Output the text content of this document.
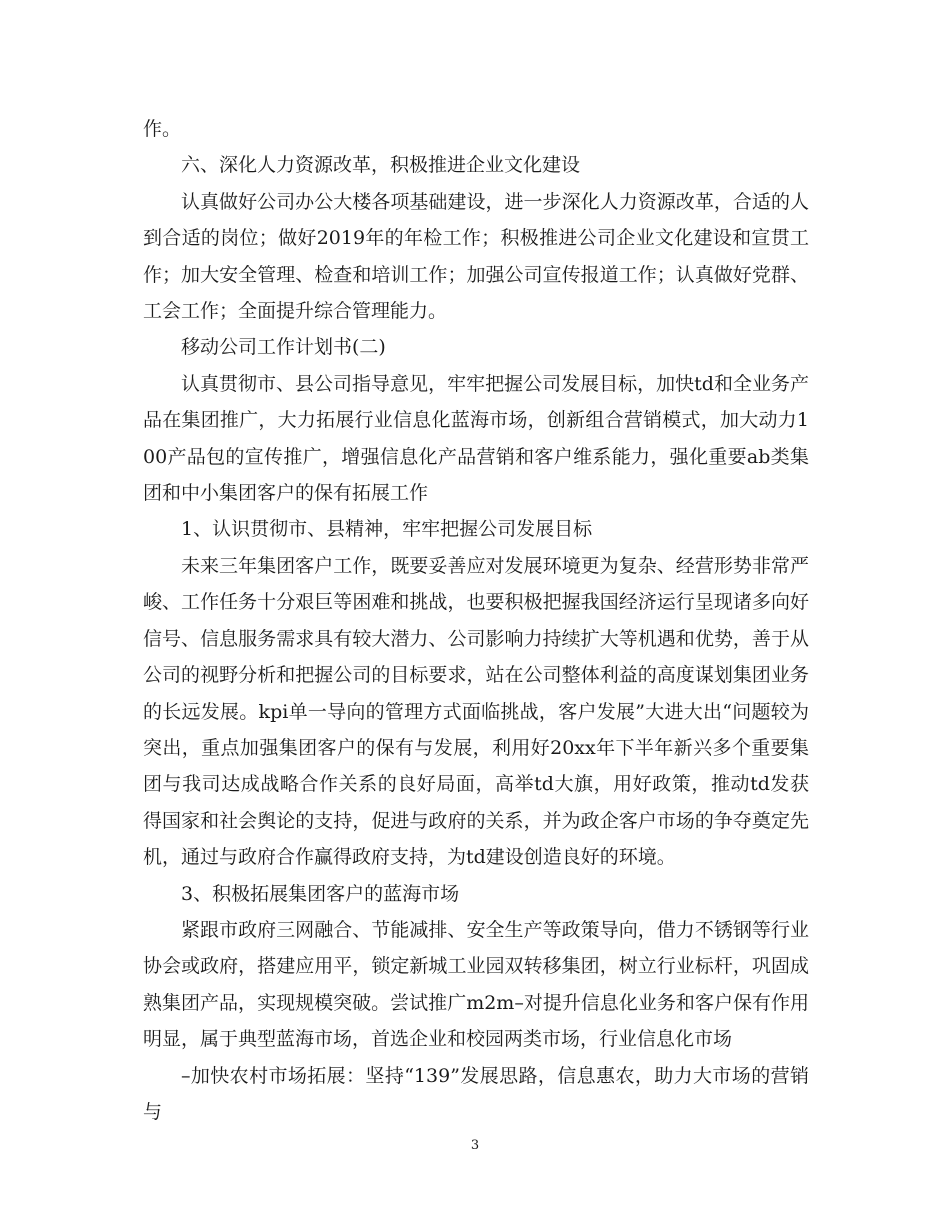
作。

六、深化人力资源改革，积极推进企业文化建设

认真做好公司办公大楼各项基础建设，进一步深化人力资源改革，合适的人到合适的岗位；做好2019年的年检工作；积极推进公司企业文化建设和宣贯工作；加大安全管理、检查和培训工作；加强公司宣传报道工作；认真做好党群、工会工作；全面提升综合管理能力。

移动公司工作计划书(二)

认真贯彻市、县公司指导意见，牢牢把握公司发展目标，加快td和全业务产品在集团推广，大力拓展行业信息化蓝海市场，创新组合营销模式，加大动力100产品包的宣传推广，增强信息化产品营销和客户维系能力，强化重要ab类集团和中小集团客户的保有拓展工作

1、认识贯彻市、县精神，牢牢把握公司发展目标

未来三年集团客户工作，既要妥善应对发展环境更为复杂、经营形势非常严峻、工作任务十分艰巨等困难和挑战，也要积极把握我国经济运行呈现诸多向好信号、信息服务需求具有较大潜力、公司影响力持续扩大等机遇和优势，善于从公司的视野分析和把握公司的目标要求，站在公司整体利益的高度谋划集团业务的长远发展。kpi单一导向的管理方式面临挑战，客户发展”大进大出“问题较为突出，重点加强集团客户的保有与发展，利用好20xx年下半年新兴多个重要集团与我司达成战略合作关系的良好局面，高举td大旗，用好政策，推动td发获得国家和社会舆论的支持，促进与政府的关系，并为政企客户市场的争夺奠定先机，通过与政府合作赢得政府支持，为td建设创造良好的环境。

3、积极拓展集团客户的蓝海市场

紧跟市政府三网融合、节能减排、安全生产等政策导向，借力不锈钢等行业协会或政府，搭建应用平，锁定新城工业园双转移集团，树立行业标杆，巩固成熟集团产品，实现规模突破。尝试推广m2m–对提升信息化业务和客户保有作用明显，属于典型蓝海市场，首选企业和校园两类市场，行业信息化市场

–加快农村市场拓展：坚持“139”发展思路，信息惠农，助力大市场的营销与

3
